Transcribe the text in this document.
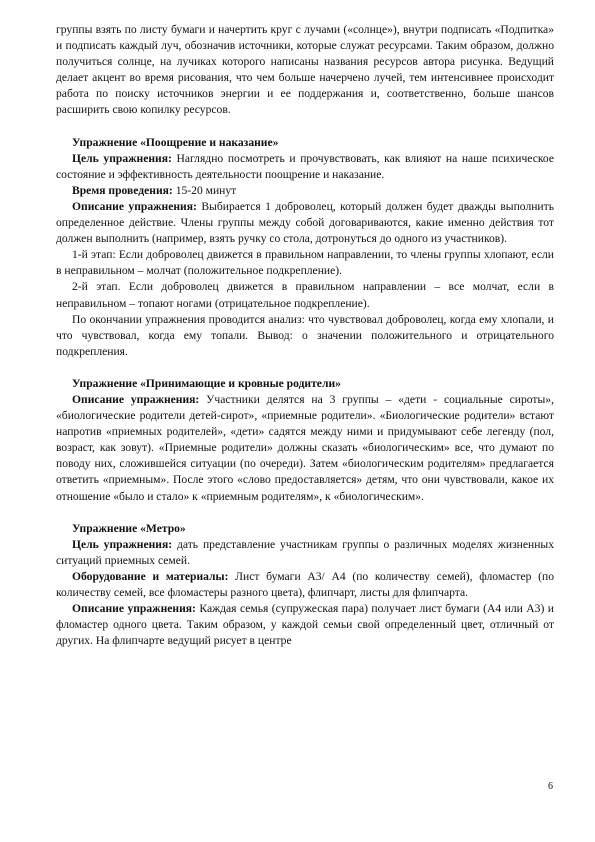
группы взять по листу бумаги и начертить круг с лучами («солнце»), внутри подписать «Подпитка» и подписать каждый луч, обозначив источники, которые служат ресурсами. Таким образом, должно получиться солнце, на лучиках которого написаны названия ресурсов автора рисунка. Ведущий делает акцент во время рисования, что чем больше начерчено лучей, тем интенсивнее происходит работа по поиску источников энергии и ее поддержания и, соответственно, больше шансов расширить свою копилку ресурсов.

Упражнение «Поощрение и наказание»

Цель упражнения: Наглядно посмотреть и прочувствовать, как влияют на наше психическое состояние и эффективность деятельности поощрение и наказание.

Время проведения: 15-20 минут

Описание упражнения: Выбирается 1 доброволец, который должен будет дважды выполнить определенное действие. Члены группы между собой договариваются, какие именно действия тот должен выполнить (например, взять ручку со стола, дотронуться до одного из участников).

1-й этап: Если доброволец движется в правильном направлении, то члены группы хлопают, если в неправильном – молчат (положительное подкрепление).

2-й этап. Если доброволец движется в правильном направлении – все молчат, если в неправильном – топают ногами (отрицательное подкрепление).

По окончании упражнения проводится анализ: что чувствовал доброволец, когда ему хлопали, и что чувствовал, когда ему топали. Вывод: о значении положительного и отрицательного подкрепления.

Упражнение «Принимающие и кровные родители»

Описание упражнения: Участники делятся на 3 группы – «дети - социальные сироты», «биологические родители детей-сирот», «приемные родители». «Биологические родители» встают напротив «приемных родителей», «дети» садятся между ними и придумывают себе легенду (пол, возраст, как зовут). «Приемные родители» должны сказать «биологическим» все, что думают по поводу них, сложившейся ситуации (по очереди). Затем «биологическим родителям» предлагается ответить «приемным». После этого «слово предоставляется» детям, что они чувствовали, какое их отношение «было и стало» к «приемным родителям», к «биологическим».

Упражнение «Метро»

Цель упражнения: дать представление участникам группы о различных моделях жизненных ситуаций приемных семей.

Оборудование и материалы: Лист бумаги А3/ А4 (по количеству семей), фломастер (по количеству семей, все фломастеры разного цвета), флипчарт, листы для флипчарта.

Описание упражнения: Каждая семья (супружеская пара) получает лист бумаги (А4 или А3) и фломастер одного цвета. Таким образом, у каждой семьи свой определенный цвет, отличный от других. На флипчарте ведущий рисует в центре

6
